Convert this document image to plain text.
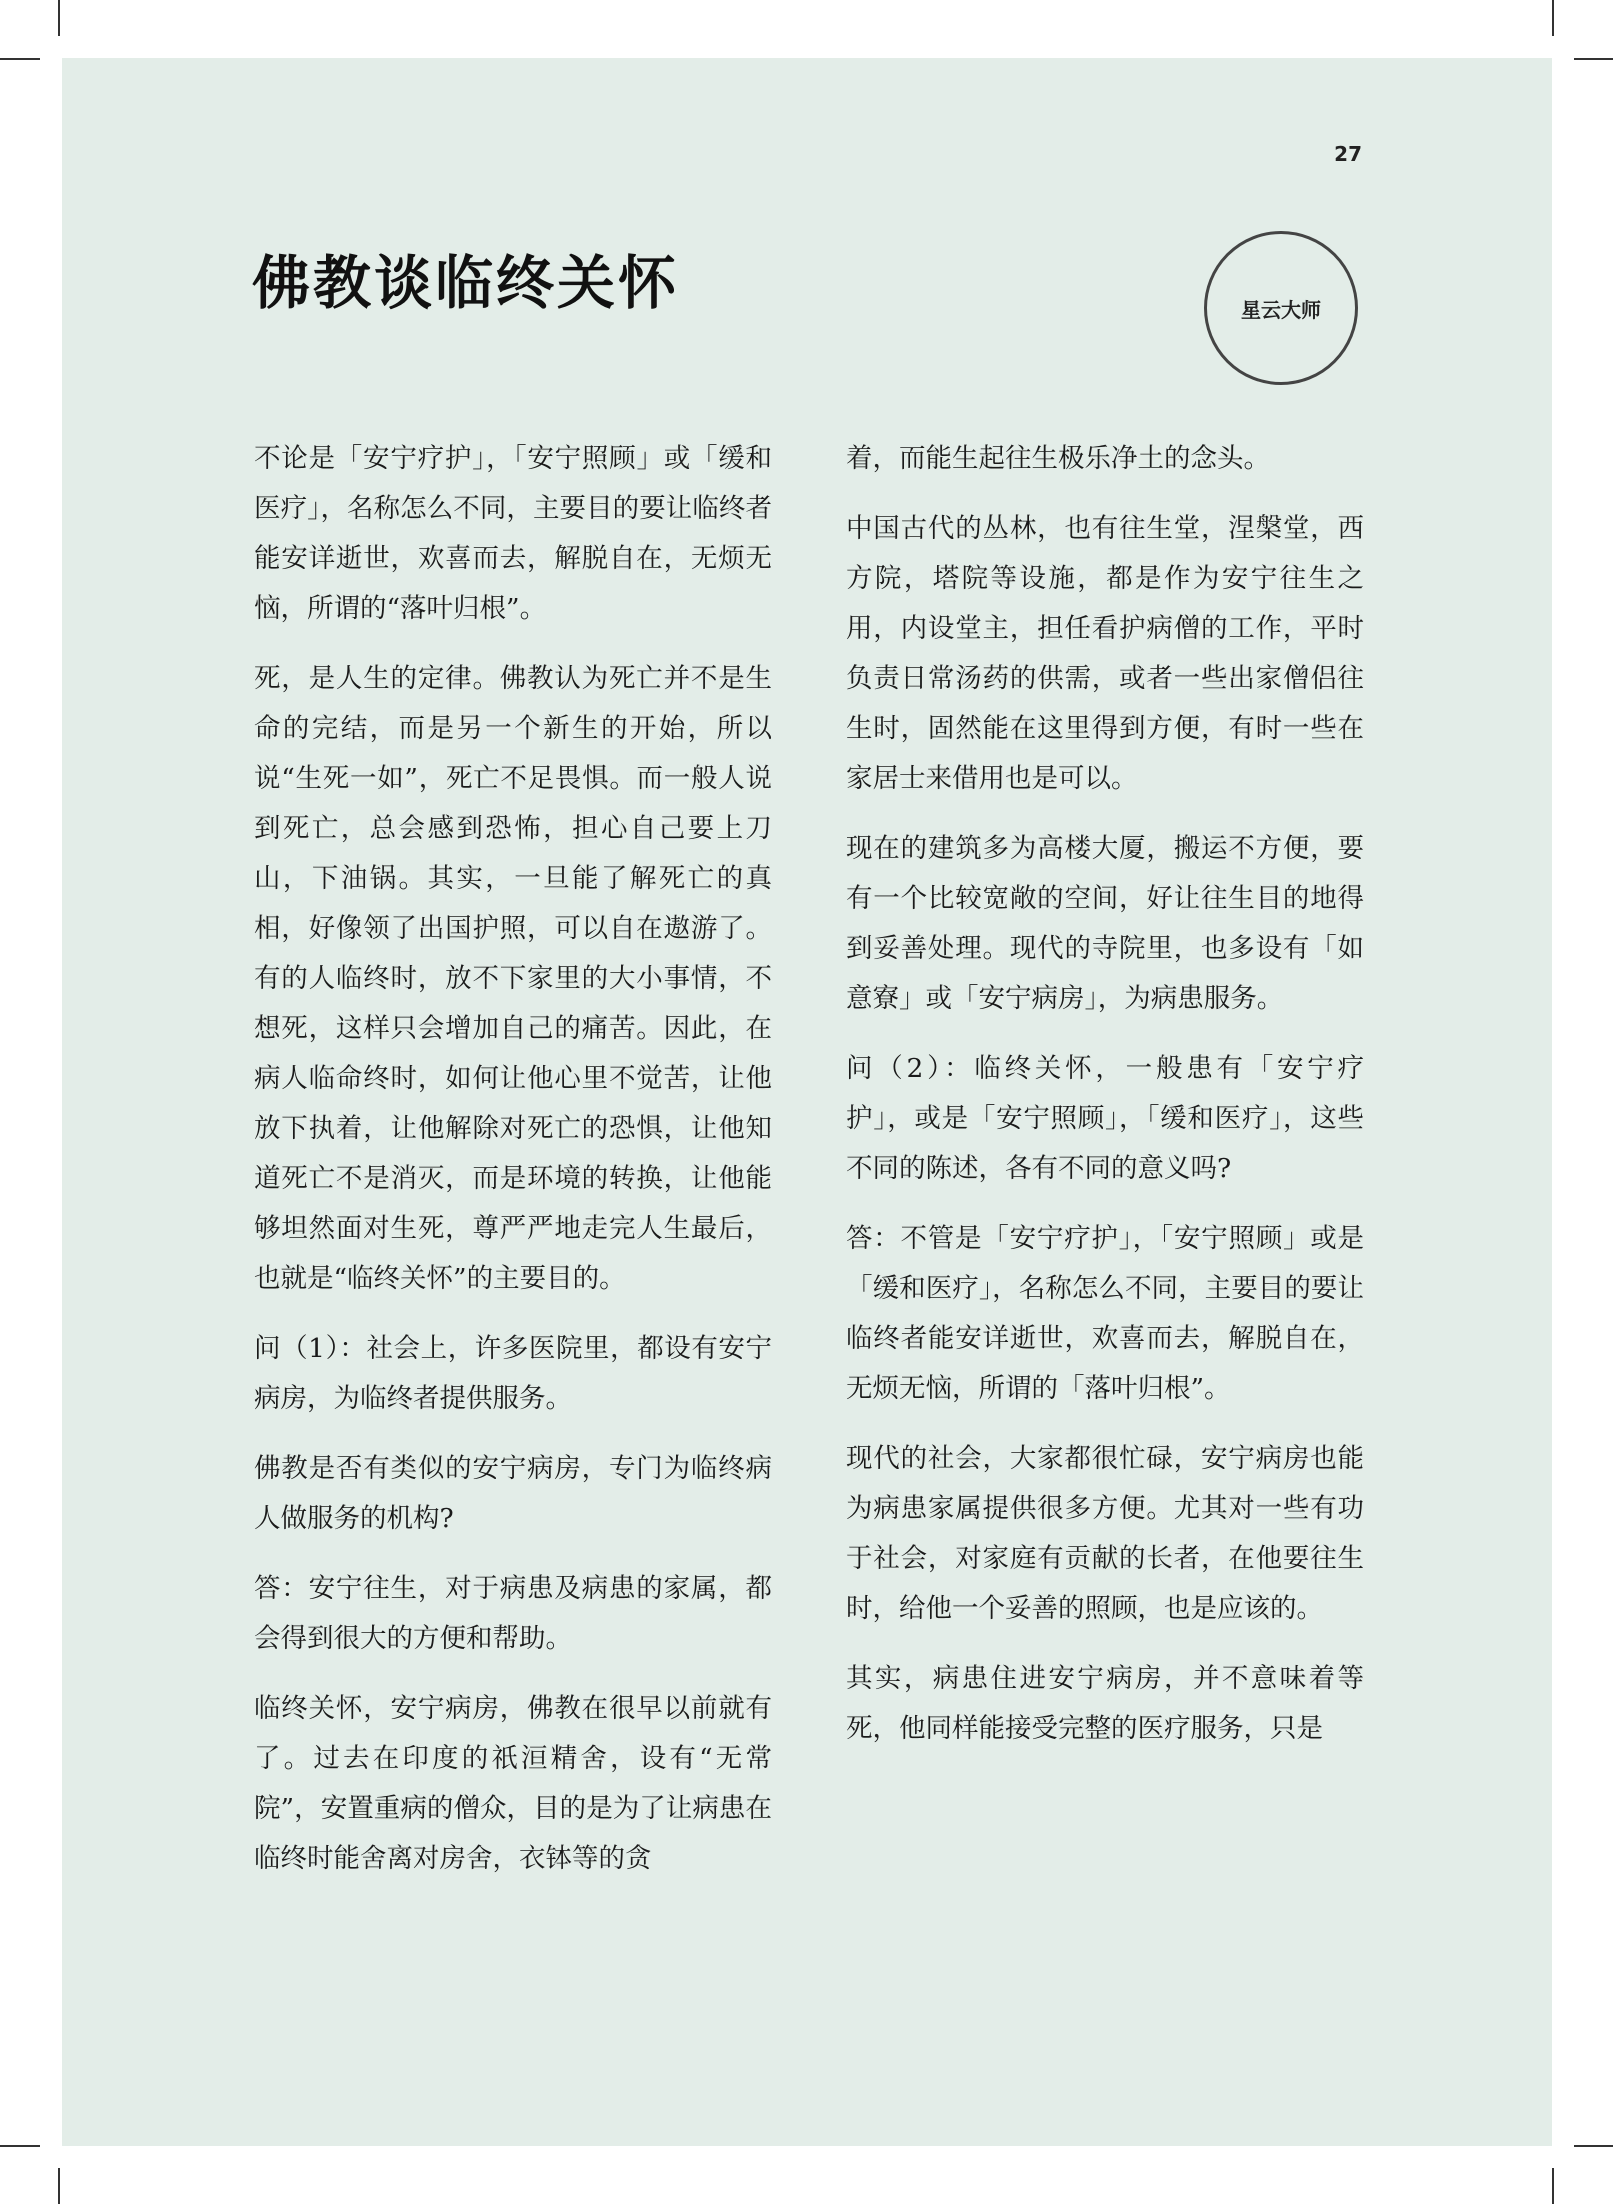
27
佛教谈临终关怀	星云大师

不论是「安宁疗护」，「安宁照顾」或「缓和医疗」，名称怎么不同，主要目的要让临终者能安详逝世，欢喜而去，解脱自在，无烦无恼，所谓的“落叶归根”。

死，是人生的定律。佛教认为死亡并不是生命的完结，而是另一个新生的开始，所以说“生死一如”，死亡不足畏惧。而一般人说到死亡，总会感到恐怖，担心自己要上刀山，下油锅。其实，一旦能了解死亡的真相，好像领了出国护照，可以自在遨游了。有的人临终时，放不下家里的大小事情，不想死，这样只会增加自己的痛苦。因此，在病人临命终时，如何让他心里不觉苦，让他放下执着，让他解除对死亡的恐惧，让他知道死亡不是消灭，而是环境的转换，让他能够坦然面对生死，尊严严地走完人生最后，也就是“临终关怀”的主要目的。

问（1）：社会上，许多医院里，都设有安宁病房，为临终者提供服务。

佛教是否有类似的安宁病房，专门为临终病人做服务的机构?

答：安宁往生，对于病患及病患的家属，都会得到很大的方便和帮助。

临终关怀，安宁病房，佛教在很早以前就有了。过去在印度的祇洹精舍，设有“无常院”，安置重病的僧众，目的是为了让病患在临终时能舍离对房舍，衣钵等的贪

着，而能生起往生极乐净土的念头。

中国古代的丛林，也有往生堂，涅槃堂，西方院，塔院等设施，都是作为安宁往生之用，内设堂主，担任看护病僧的工作，平时负责日常汤药的供需，或者一些出家僧侣往生时，固然能在这里得到方便，有时一些在家居士来借用也是可以。

现在的建筑多为高楼大厦，搬运不方便，要有一个比较宽敞的空间，好让往生目的地得到妥善处理。现代的寺院里，也多设有「如意寮」或「安宁病房」，为病患服务。

问（2）：临终关怀，一般患有「安宁疗护」，或是「安宁照顾」，「缓和医疗」，这些不同的陈述，各有不同的意义吗?

答：不管是「安宁疗护」，「安宁照顾」或是「缓和医疗」，名称怎么不同，主要目的要让临终者能安详逝世，欢喜而去，解脱自在，无烦无恼，所谓的「落叶归根”。

现代的社会，大家都很忙碌，安宁病房也能为病患家属提供很多方便。尤其对一些有功于社会，对家庭有贡献的长者，在他要往生时，给他一个妥善的照顾，也是应该的。

其实，病患住进安宁病房，并不意味着等死，他同样能接受完整的医疗服务，只是
